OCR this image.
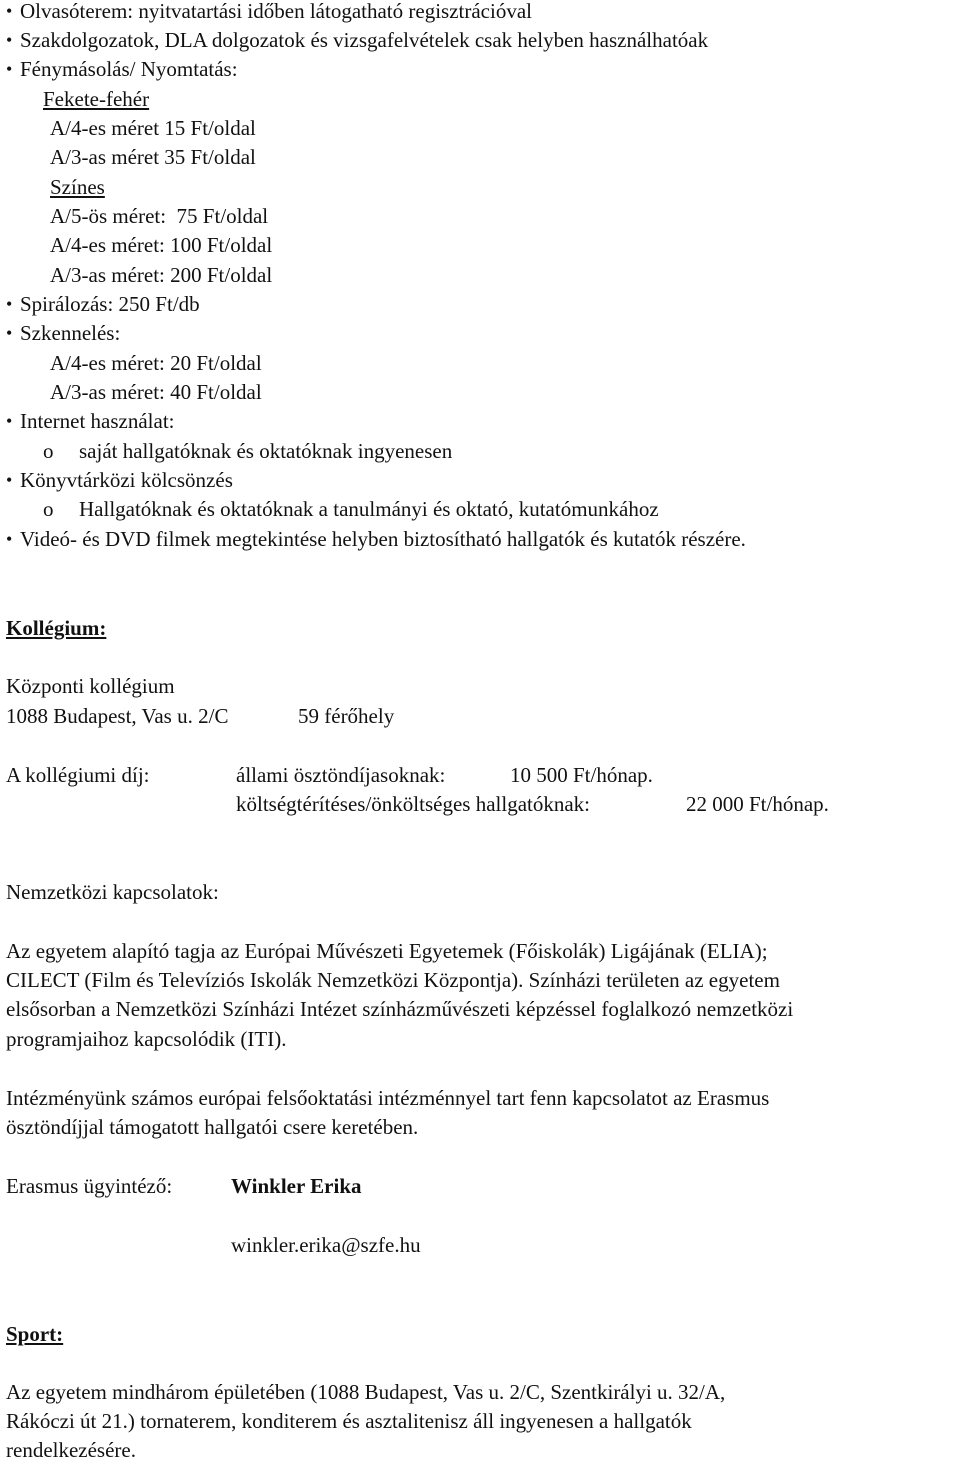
• Olvasóterem: nyitvatartási időben látogatható regisztrációval
• Szakdolgozatok, DLA dolgozatok és vizsgafelvételek csak helyben használhatóak
• Fénymásolás/ Nyomtatás:
Fekete-fehér
A/4-es méret 15 Ft/oldal
A/3-as méret 35 Ft/oldal
Színes
A/5-ös méret:  75 Ft/oldal
A/4-es méret: 100 Ft/oldal
A/3-as méret: 200 Ft/oldal
• Spirálozás: 250 Ft/db
• Szkennelés:
A/4-es méret: 20 Ft/oldal
A/3-as méret: 40 Ft/oldal
• Internet használat:
o saját hallgatóknak és oktatóknak ingyenesen
• Könyvtárközi kölcsönzés
o Hallgatóknak és oktatóknak a tanulmányi és oktató, kutatómunkához
• Videó- és DVD filmek megtekintése helyben biztosítható hallgatók és kutatók részére.
Kollégium:
Központi kollégium
1088 Budapest, Vas u. 2/C	59 férőhely
A kollégiumi díj:	állami ösztöndíjasoknak:	10 500 Ft/hónap.
költségtérítéses/önköltséges hallgatóknak:	22 000 Ft/hónap.
Nemzetközi kapcsolatok:
Az egyetem alapító tagja az Európai Művészeti Egyetemek (Főiskolák) Ligájának (ELIA);
CILECT (Film és Televíziós Iskolák Nemzetközi Központja). Színházi területen az egyetem
elsősorban a Nemzetközi Színházi Intézet színházművészeti képzéssel foglalkozó nemzetközi
programjaihoz kapcsolódik (ITI).
Intézményünk számos európai felsőoktatási intézménnyel tart fenn kapcsolatot az Erasmus
ösztöndíjjal támogatott hallgatói csere keretében.
Erasmus ügyintéző:	Winkler Erika
winkler.erika@szfe.hu
Sport:
Az egyetem mindhárom épületében (1088 Budapest, Vas u. 2/C, Szentkirályi u. 32/A,
Rákóczi út 21.) tornaterem, konditerem és asztalitenisz áll ingyenesen a hallgatók
rendelkezésére.
